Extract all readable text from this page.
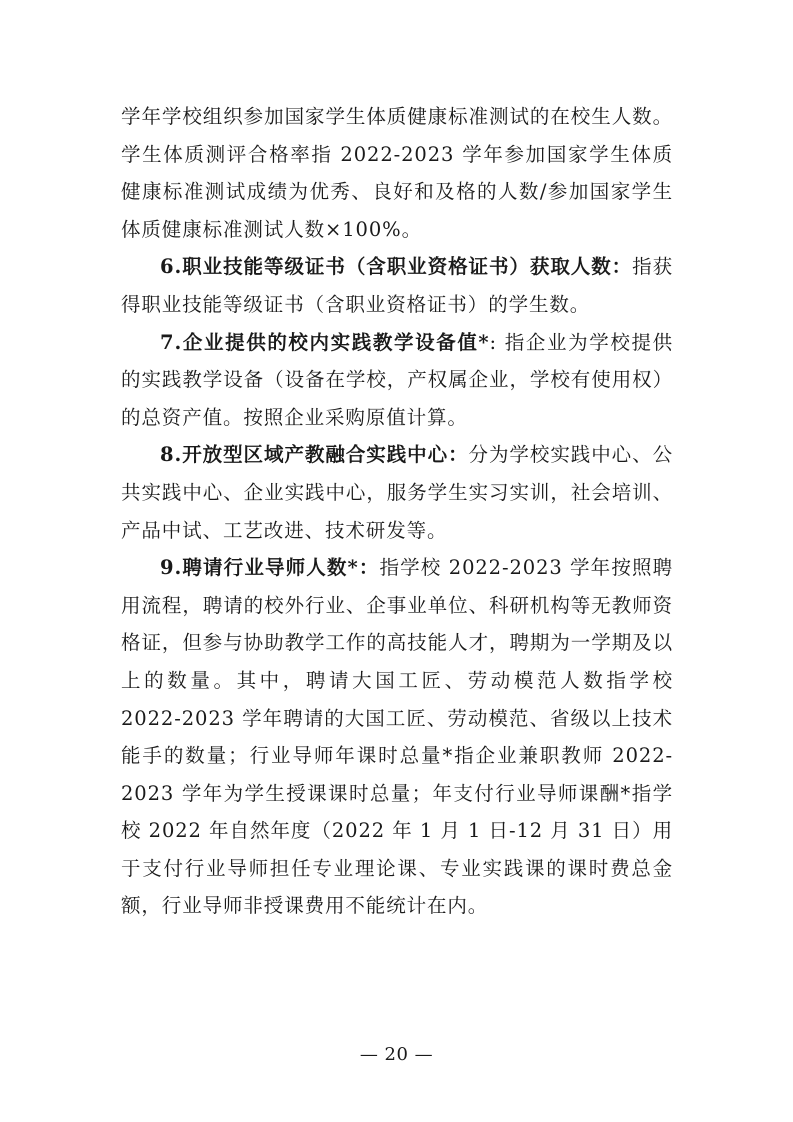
学年学校组织参加国家学生体质健康标准测试的在校生人数。学生体质测评合格率指 2022-2023 学年参加国家学生体质健康标准测试成绩为优秀、良好和及格的人数/参加国家学生体质健康标准测试人数×100%。

6.职业技能等级证书（含职业资格证书）获取人数：指获得职业技能等级证书（含职业资格证书）的学生数。

7.企业提供的校内实践教学设备值*: 指企业为学校提供的实践教学设备（设备在学校，产权属企业，学校有使用权）的总资产值。按照企业采购原值计算。

8.开放型区域产教融合实践中心：分为学校实践中心、公共实践中心、企业实践中心，服务学生实习实训，社会培训、产品中试、工艺改进、技术研发等。

9.聘请行业导师人数*：指学校 2022-2023 学年按照聘用流程，聘请的校外行业、企事业单位、科研机构等无教师资格证，但参与协助教学工作的高技能人才，聘期为一学期及以上的数量。其中，聘请大国工匠、劳动模范人数指学校 2022-2023 学年聘请的大国工匠、劳动模范、省级以上技术能手的数量；行业导师年课时总量*指企业兼职教师 2022-2023 学年为学生授课课时总量；年支付行业导师课酬*指学校 2022 年自然年度（2022 年 1 月 1 日-12 月 31 日）用于支付行业导师担任专业理论课、专业实践课的课时费总金额，行业导师非授课费用不能统计在内。

— 20 —
